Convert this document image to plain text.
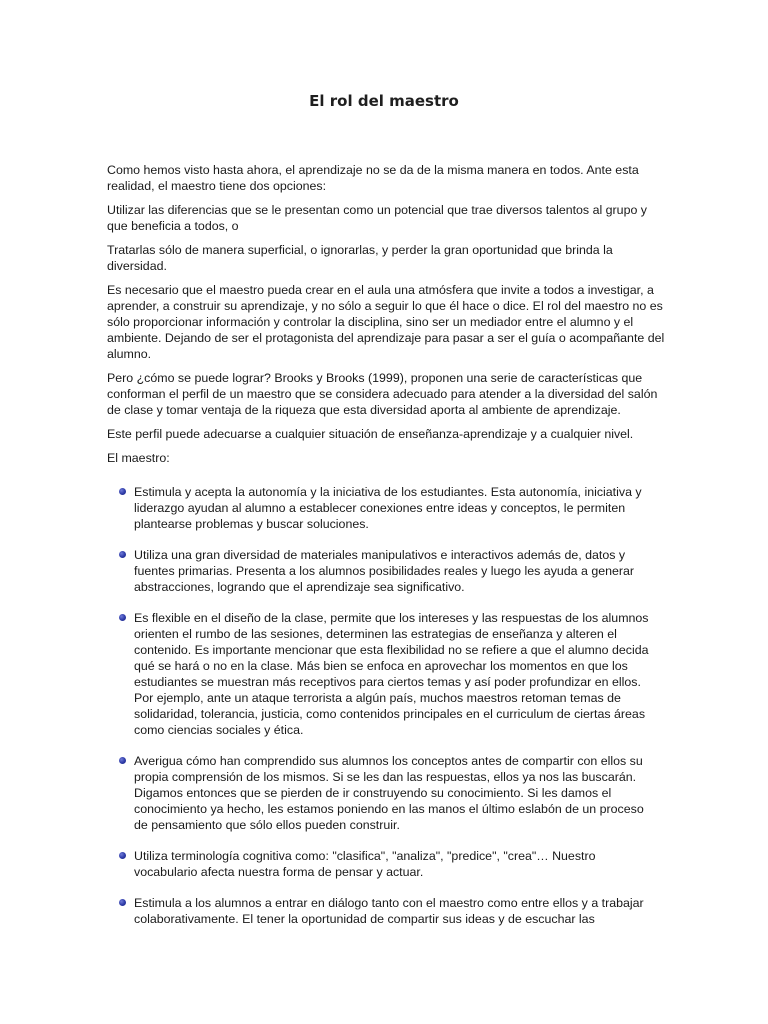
El rol del maestro

Como hemos visto hasta ahora, el aprendizaje no se da de la misma manera en todos. Ante esta realidad, el maestro tiene dos opciones:

Utilizar las diferencias que se le presentan como un potencial que trae diversos talentos al grupo y que beneficia a todos, o

Tratarlas sólo de manera superficial, o ignorarlas, y perder la gran oportunidad que brinda la diversidad.

Es necesario que el maestro pueda crear en el aula una atmósfera que invite a todos a investigar, a aprender, a construir su aprendizaje, y no sólo a seguir lo que él hace o dice. El rol del maestro no es sólo proporcionar información y controlar la disciplina, sino ser un mediador entre el alumno y el ambiente. Dejando de ser el protagonista del aprendizaje para pasar a ser el guía o acompañante del alumno.

Pero ¿cómo se puede lograr? Brooks y Brooks (1999), proponen una serie de características que conforman el perfil de un maestro que se considera adecuado para atender a la diversidad del salón de clase y tomar ventaja de la riqueza que esta diversidad aporta al ambiente de aprendizaje.

Este perfil puede adecuarse a cualquier situación de enseñanza-aprendizaje y a cualquier nivel.

El maestro:

Estimula y acepta la autonomía y la iniciativa de los estudiantes. Esta autonomía, iniciativa y liderazgo ayudan al alumno a establecer conexiones entre ideas y conceptos, le permiten plantearse problemas y buscar soluciones.
Utiliza una gran diversidad de materiales manipulativos e interactivos además de, datos y fuentes primarias. Presenta a los alumnos posibilidades reales y luego les ayuda a generar abstracciones, logrando que el aprendizaje sea significativo.
Es flexible en el diseño de la clase, permite que los intereses y las respuestas de los alumnos orienten el rumbo de las sesiones, determinen las estrategias de enseñanza y alteren el contenido. Es importante mencionar que esta flexibilidad no se refiere a que el alumno decida qué se hará o no en la clase. Más bien se enfoca en aprovechar los momentos en que los estudiantes se muestran más receptivos para ciertos temas y así poder profundizar en ellos. Por ejemplo, ante un ataque terrorista a algún país, muchos maestros retoman temas de solidaridad, tolerancia, justicia, como contenidos principales en el curriculum de ciertas áreas como ciencias sociales y ética.
Averigua cómo han comprendido sus alumnos los conceptos antes de compartir con ellos su propia comprensión de los mismos. Si se les dan las respuestas, ellos ya nos las buscarán. Digamos entonces que se pierden de ir construyendo su conocimiento. Si les damos el conocimiento ya hecho, les estamos poniendo en las manos el último eslabón de un proceso de pensamiento que sólo ellos pueden construir.
Utiliza terminología cognitiva como: "clasifica", "analiza", "predice", "crea"… Nuestro vocabulario afecta nuestra forma de pensar y actuar.
Estimula a los alumnos a entrar en diálogo tanto con el maestro como entre ellos y a trabajar colaborativamente. El tener la oportunidad de compartir sus ideas y de escuchar las
